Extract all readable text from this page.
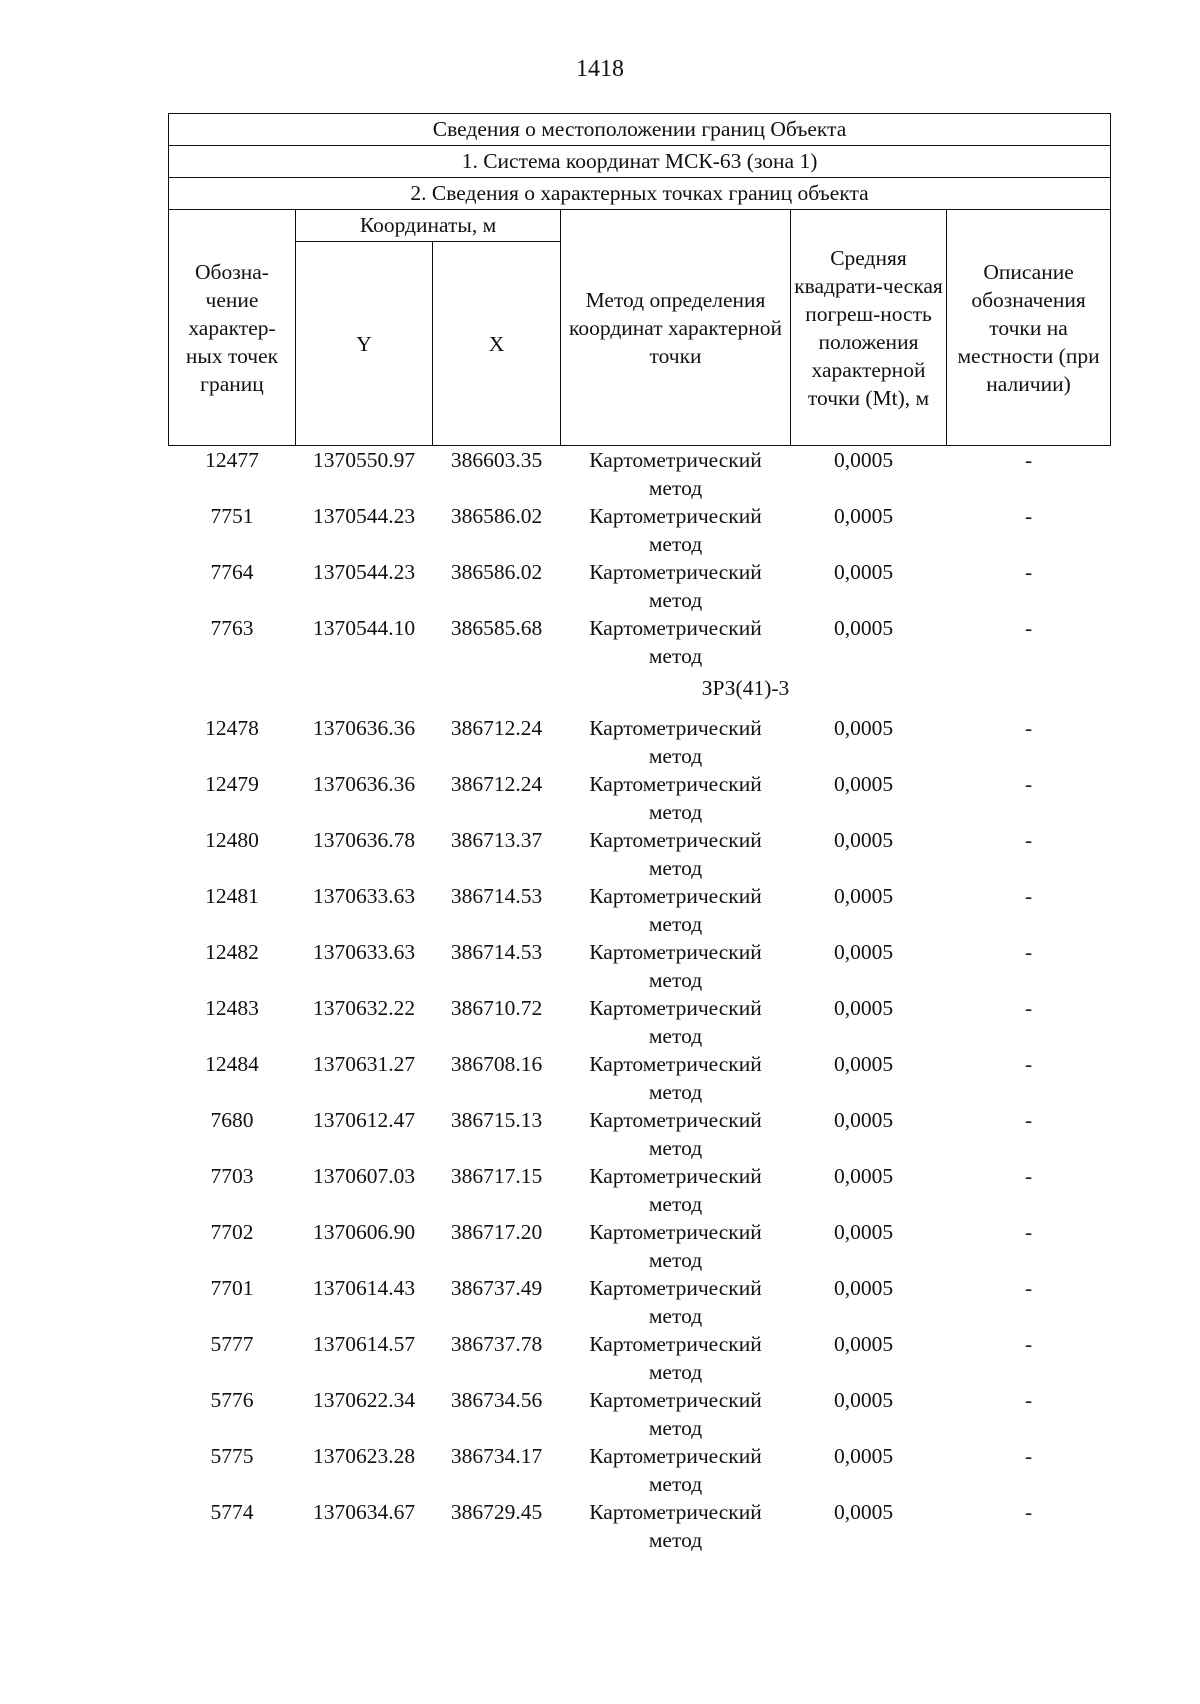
1418
Сведения о местоположении границ Объекта					
1. Система координат МСК-63 (зона 1)					
2. Сведения о характерных точках границ объекта					
Обозна-чение характер-ных точек границ	Координаты, м		Метод определения координат характерной точки	Средняя квадрати-ческая погреш-ность положения характерной точки (Mt), м	Описание обозначения точки на местности (при наличии)
	Y	X			
12477	1370550.97	386603.35	Картометрический метод	0,0005	-
7751	1370544.23	386586.02	Картометрический метод	0,0005	-
7764	1370544.23	386586.02	Картометрический метод	0,0005	-
7763	1370544.10	386585.68	Картометрический метод	0,0005	-
ЗРЗ(41)-3					
12478	1370636.36	386712.24	Картометрический метод	0,0005	-
12479	1370636.36	386712.24	Картометрический метод	0,0005	-
12480	1370636.78	386713.37	Картометрический метод	0,0005	-
12481	1370633.63	386714.53	Картометрический метод	0,0005	-
12482	1370633.63	386714.53	Картометрический метод	0,0005	-
12483	1370632.22	386710.72	Картометрический метод	0,0005	-
12484	1370631.27	386708.16	Картометрический метод	0,0005	-
7680	1370612.47	386715.13	Картометрический метод	0,0005	-
7703	1370607.03	386717.15	Картометрический метод	0,0005	-
7702	1370606.90	386717.20	Картометрический метод	0,0005	-
7701	1370614.43	386737.49	Картометрический метод	0,0005	-
5777	1370614.57	386737.78	Картометрический метод	0,0005	-
5776	1370622.34	386734.56	Картометрический метод	0,0005	-
5775	1370623.28	386734.17	Картометрический метод	0,0005	-
5774	1370634.67	386729.45	Картометрический метод	0,0005	-
